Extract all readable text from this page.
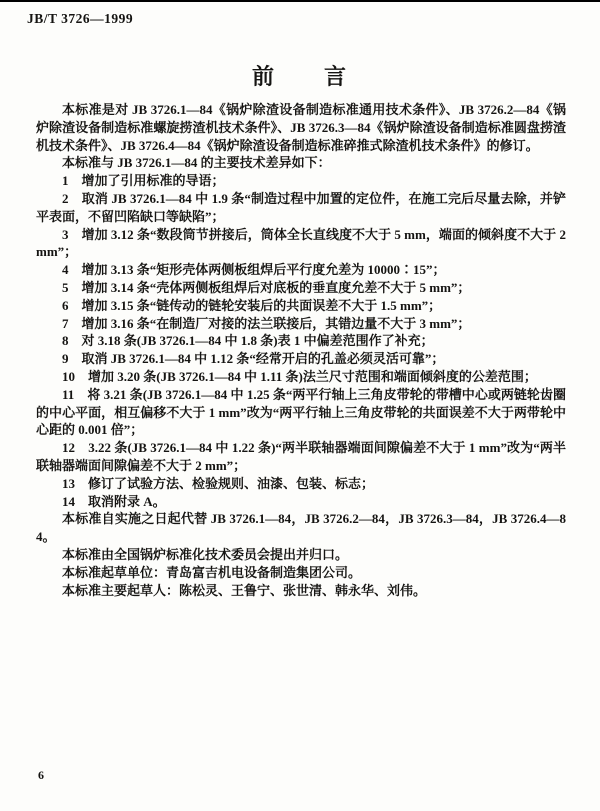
JB/T 3726—1999
前　　言

本标准是对 JB 3726.1—84《锅炉除渣设备制造标准通用技术条件》、JB 3726.2—84《锅炉除渣设备制造标准螺旋捞渣机技术条件》、JB 3726.3—84《锅炉除渣设备制造标准圆盘捞渣机技术条件》、JB 3726.4—84《锅炉除渣设备制造标准碎推式除渣机技术条件》的修订。

本标准与 JB 3726.1—84 的主要技术差异如下：

1　增加了引用标准的导语；

2　取消 JB 3726.1—84 中 1.9 条“制造过程中加置的定位件，在施工完后尽量去除，并铲平表面，不留凹陷缺口等缺陷”；

3　增加 3.12 条“数段筒节拼接后，筒体全长直线度不大于 5 mm，端面的倾斜度不大于 2 mm”；

4　增加 3.13 条“矩形壳体两侧板组焊后平行度允差为 10000∶15”；

5　增加 3.14 条“壳体两侧板组焊后对底板的垂直度允差不大于 5 mm”；

6　增加 3.15 条“链传动的链轮安装后的共面误差不大于 1.5 mm”；

7　增加 3.16 条“在制造厂对接的法兰联接后，其错边量不大于 3 mm”；

8　对 3.18 条(JB 3726.1—84 中 1.8 条)表 1 中偏差范围作了补充；

9　取消 JB 3726.1—84 中 1.12 条“经常开启的孔盖必须灵活可靠”；

10　增加 3.20 条(JB 3726.1—84 中 1.11 条)法兰尺寸范围和端面倾斜度的公差范围；

11　将 3.21 条(JB 3726.1—84 中 1.25 条“两平行轴上三角皮带轮的带槽中心或两链轮齿圈的中心平面，相互偏移不大于 1 mm”改为“两平行轴上三角皮带轮的共面误差不大于两带轮中心距的 0.001 倍”；

12　3.22 条(JB 3726.1—84 中 1.22 条)“两半联轴器端面间隙偏差不大于 1 mm”改为“两半联轴器端面间隙偏差不大于 2 mm”；

13　修订了试验方法、检验规则、油漆、包装、标志；

14　取消附录 A。

本标准自实施之日起代替 JB 3726.1—84，JB 3726.2—84，JB 3726.3—84，JB 3726.4—84。

本标准由全国锅炉标准化技术委员会提出并归口。

本标准起草单位：青岛富吉机电设备制造集团公司。

本标准主要起草人：陈松灵、王鲁宁、张世清、韩永华、刘伟。

6
